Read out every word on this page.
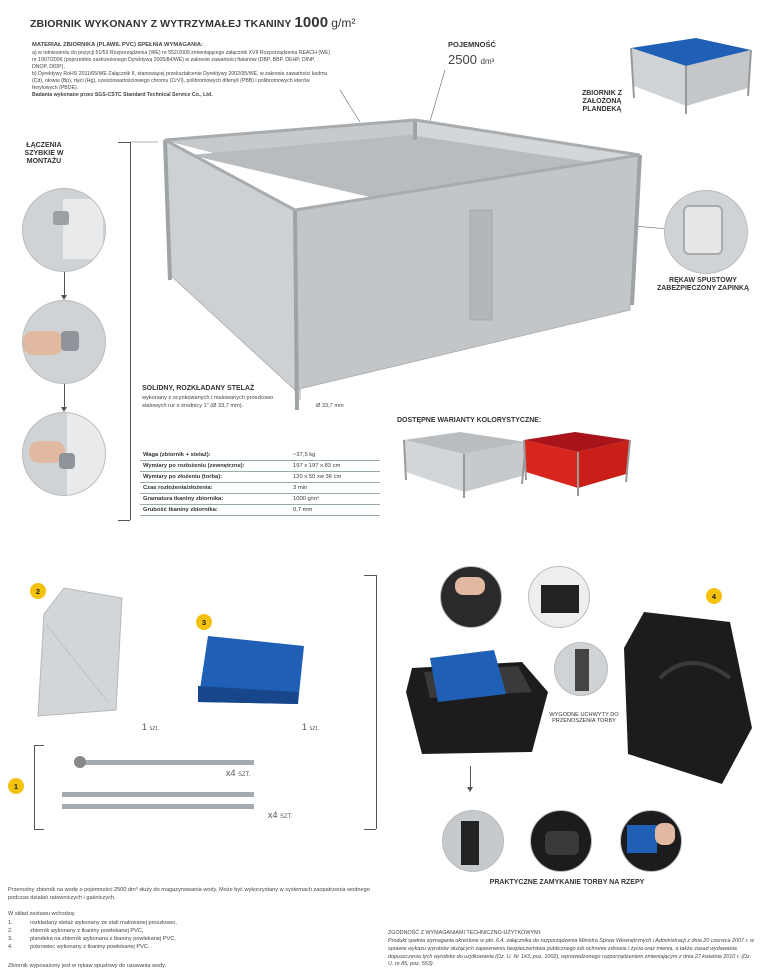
ZBIORNIK WYKONANY Z WYTRZYMAŁEJ TKANINY 1000 g/m²
MATERIAŁ ZBIORNIKA (PLAWIL PVC) SPEŁNIA WYMAGANIA:
a) w odniesieniu do pozycji 51/52 Rozporządzenia (WE) nr 552/2009 zmieniającego załącznik XVII Rozporządzenia REACH (WE) nr 1907/2006 (poprzednio zastrzeżonego Dyrektywą 2005/84/WE) w zakresie zawartości ftalanów (DBP, BBP, DEHP, DINP, DNOP, DIDP),
b) Dyrektywy RoHS 2011/65/WE Załącznik II, stanowiącej przekształcenie Dyrektywy 2002/95/WE, w zakresie zawartości kadmu (Cd), ołowiu (Bp), rtęci (Hg), sześciowartościowego chromu (CrVI), polibromowych difenyli (PBB) i polibromowych eterów fenylowych (PBDE).
Badania wykonane przez SGS-CSTC Standard Technical Service Co., Ltd.
POJEMNOŚĆ
2500 dm³
ZBIORNIK Z ZAŁOŻONĄ PLANDEKĄ
ŁĄCZENIA SZYBKIE W MONTAŻU
RĘKAW SPUSTOWY ZABEZPIECZONY ZAPINKĄ
SOLIDNY, ROZKŁADANY STELAŻ
wykonany z ocynkowanych i malowanych proszkowo stalowych rur o średnicy 1" (Ø 33,7 mm).	Ø 33,7 mm
Waga (zbiornik + stelaż):	~37,5 kg
Wymiary po rozłożeniu (zewnętrzne):	197 x 197 x 83 cm
Wymiary po złożeniu (torba):	120 x 50 xw 36 cm
Czas rozłożenia/złożenia:	3 min
Gramatura tkaniny zbiornika:	1000 g/m²
Grubość tkaniny zbiornika:	0,7 mm
DOSTĘPNE WARIANTY KOLORYSTYCZNE:
2
1 szt.
3
1 szt.
1
x4 SZT.
x4 SZT.
WYGODNE UCHWYTY DO PRZENOSZENIA TORBY
4
PRAKTYCZNE ZAMYKANIE TORBY NA RZEPY
Przenośny zbiornik na wodę o pojemności 2500 dm³ służy do magazynowania wody. Może być wykorzystany w systemach zaopatrzenia wodnego podczas działań ratowniczych i gaśniczych.
W skład zestawu wchodzą:
1.	rozkładany stelaż wykonany ze stali malowanej proszkowo,
2.	zbiornik wykonany z tkaniny powlekanej PVC,
3.	plandeka na zbiornik wykonana z tkaniny powlekanej PVC,
4.	pokrowiec wykonany z tkaniny powlekanej PVC.
Zbiornik wyposażony jest w rękaw spustowy do usuwania wody.
ZGODNOŚĆ Z WYMAGANIAMI TECHNICZNO-UŻYTKOWYMI:
Produkt spełnia wymagania określone w pkt. 6.4. załącznika do rozporządzenia Ministra Spraw Wewnętrznych i Administracji z dnia 20 czerwca 2007 r. w sprawie wykazu wyrobów służących zapewnieniu bezpieczeństwa publicznego lub ochronie zdrowia i życia oraz mienia, a także zasad wydawania dopuszczenia tych wyrobów do użytkowania (Dz. U. Nr 143, poz. 1002), wprowadzonego rozporządzeniem zmieniającym z dnia 27 kwietnia 2010 r. (Dz. U. nr 85, poz. 553).
